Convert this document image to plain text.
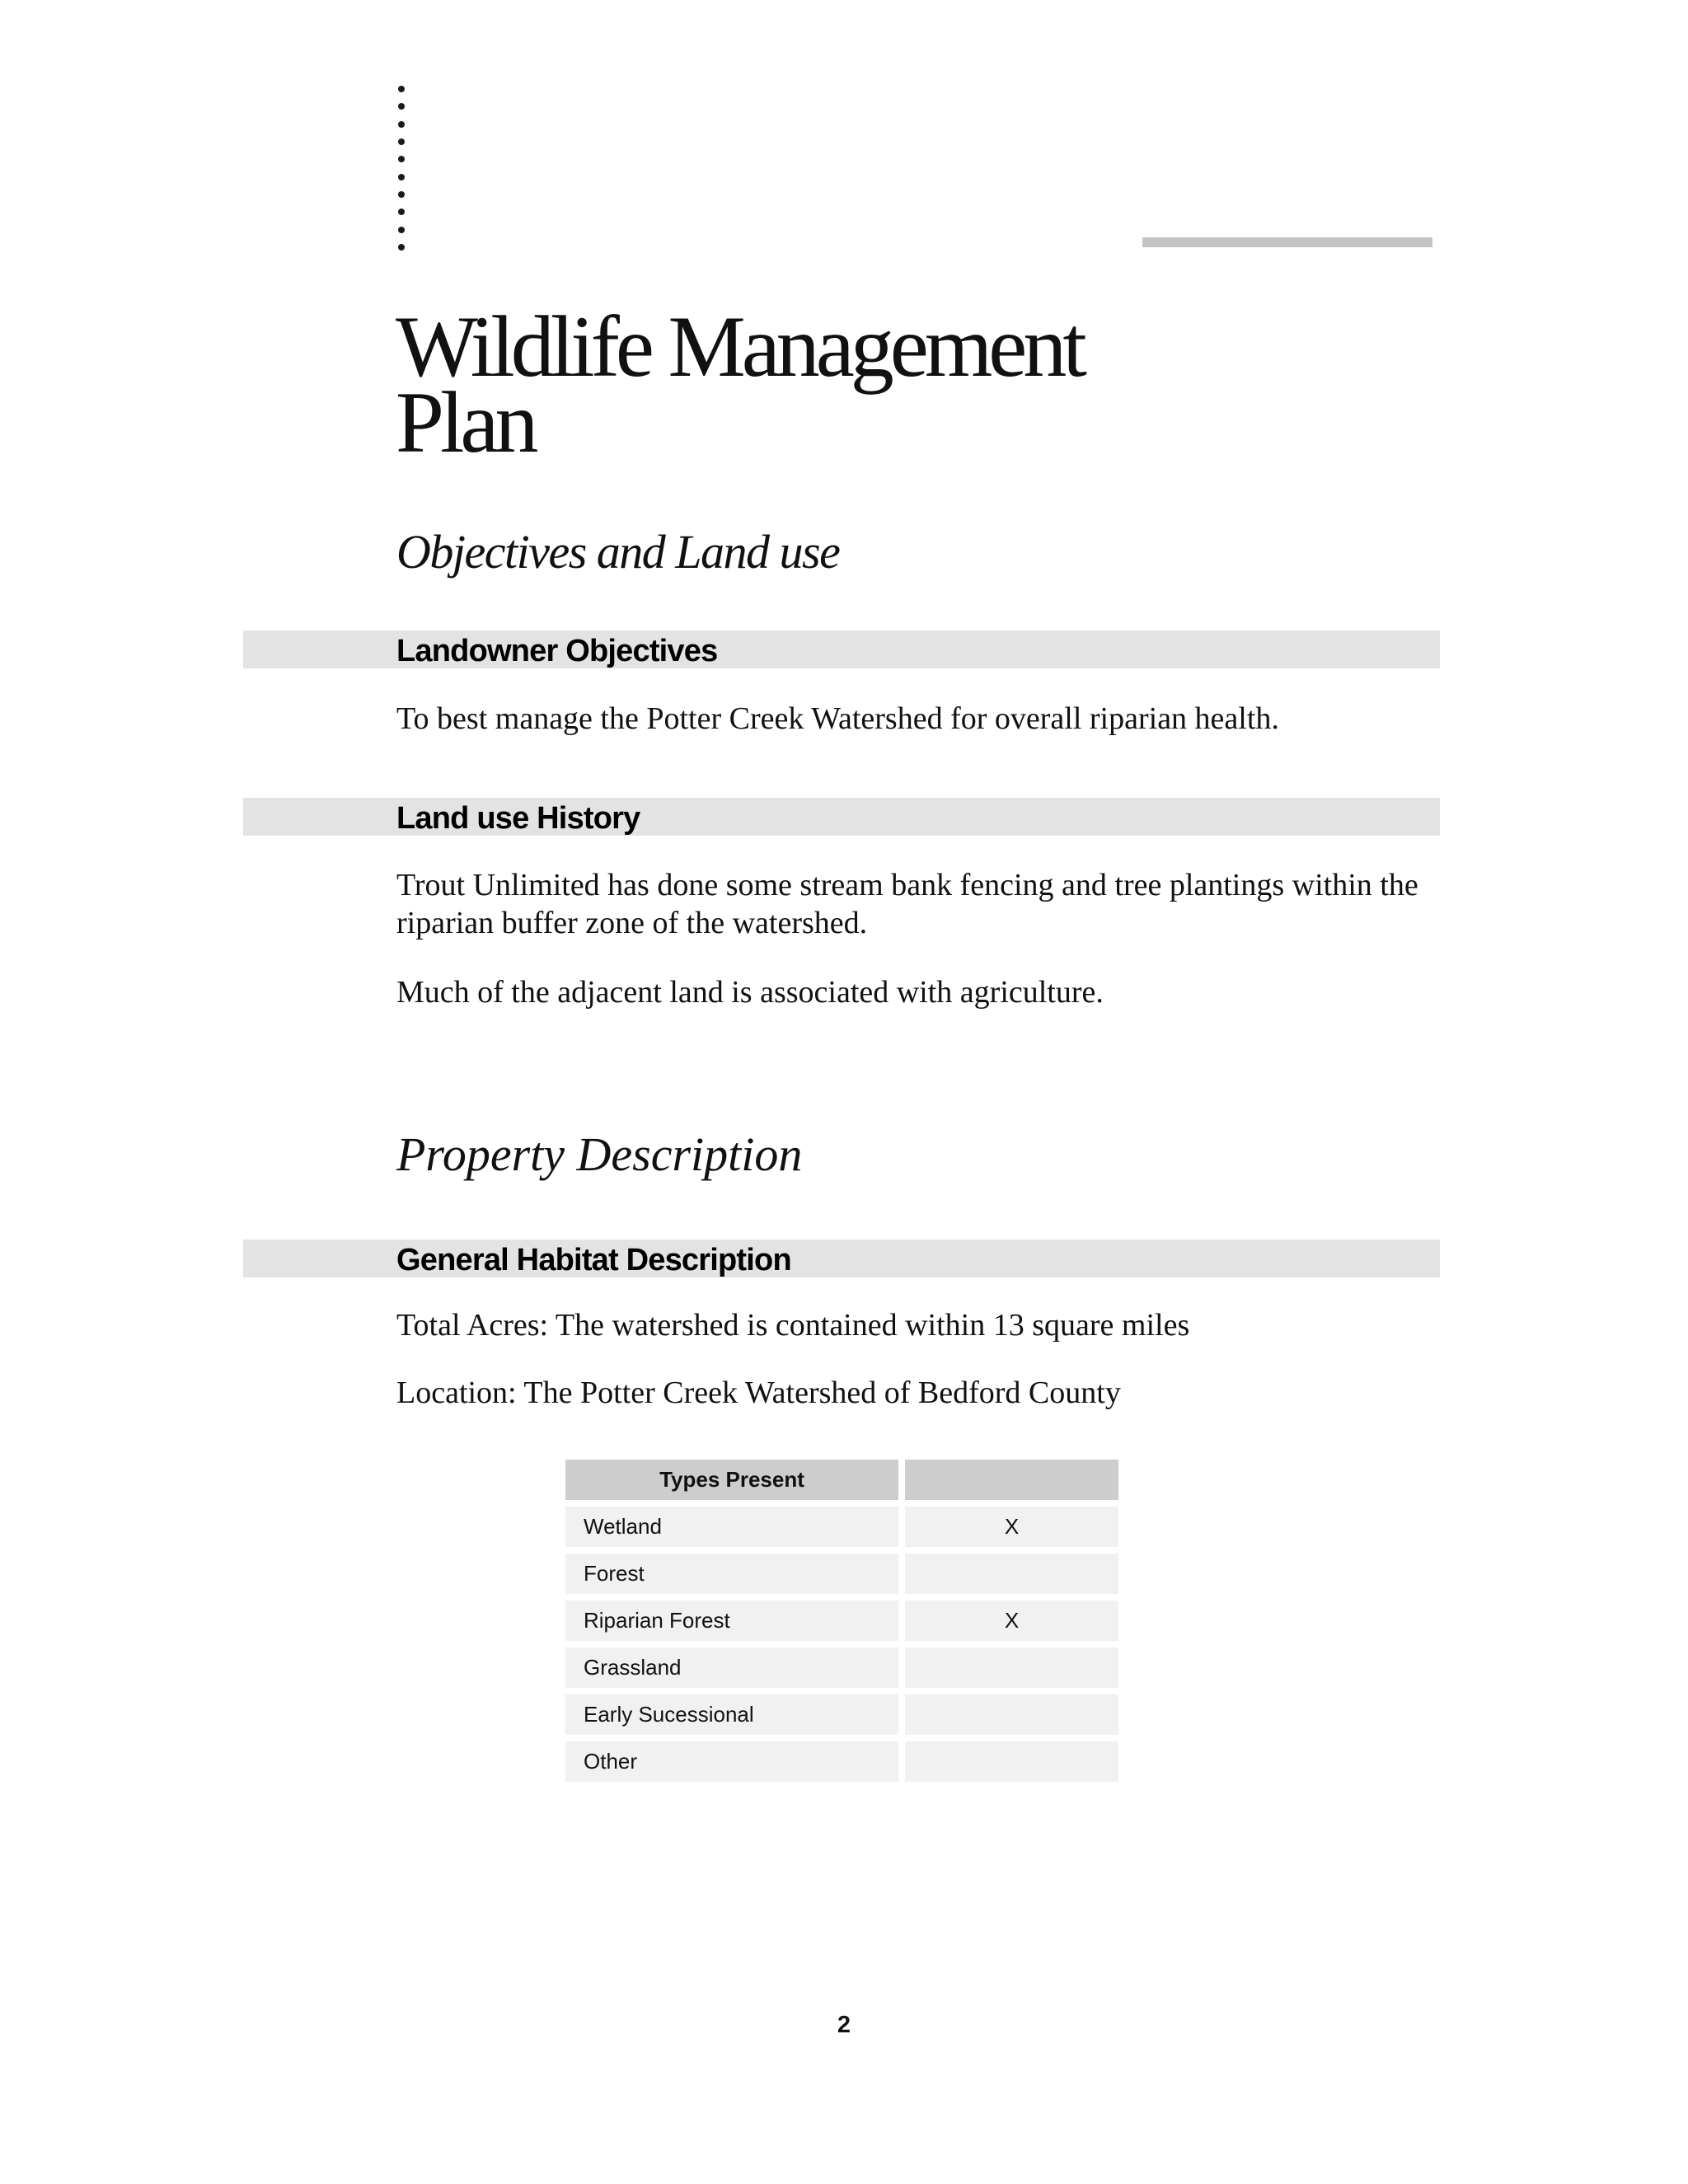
Wildlife Management
Plan
Objectives and Land use
Landowner Objectives

To best manage the Potter Creek Watershed for overall riparian health.

Land use History

Trout Unlimited has done some stream bank fencing and tree plantings within the riparian buffer zone of the watershed.

Much of the adjacent land is associated with agriculture.

Property Description
General Habitat Description

Total Acres: The watershed is contained within 13 square miles

Location: The Potter Creek Watershed of Bedford County

Types Present	
Wetland	X
Forest	
Riparian Forest	X
Grassland	
Early Sucessional	
Other	
2
